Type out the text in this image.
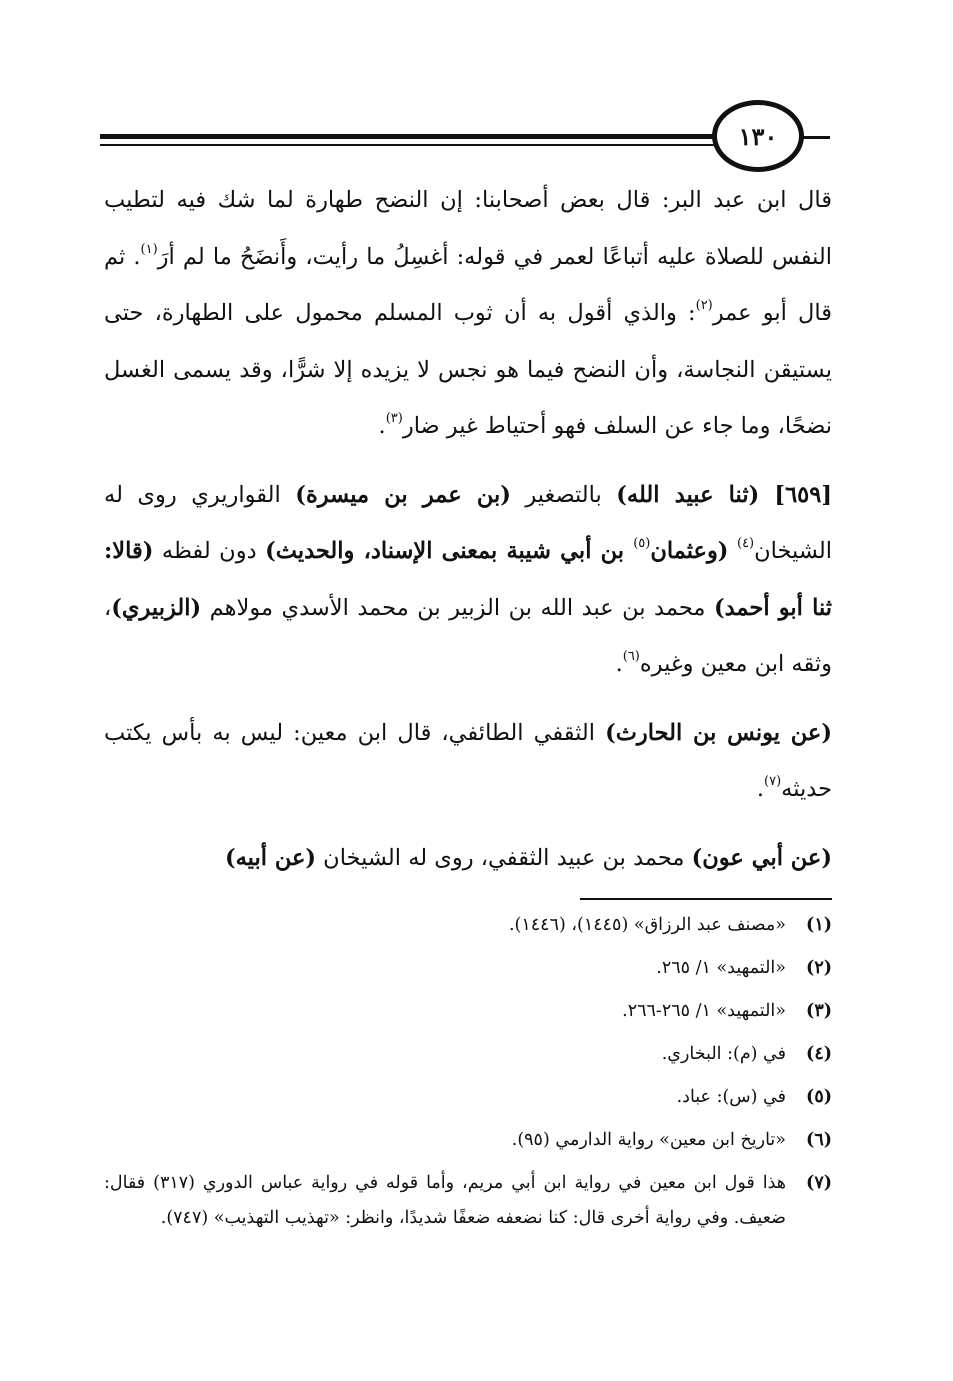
١٣٠

قال ابن عبد البر: قال بعض أصحابنا: إن النضح طهارة لما شك فيه لتطيب النفس للصلاة عليه أتباعًا لعمر في قوله: أغسِلُ ما رأيت، وأَنضَحُ ما لم أرَ$^{(١)}$. ثم قال أبو عمر$^{(٢)}$: والذي أقول به أن ثوب المسلم محمول على الطهارة، حتى يستيقن النجاسة، وأن النضح فيما هو نجس لا يزيده إلا شرًّا، وقد يسمى الغسل نضحًا، وما جاء عن السلف فهو أحتياط غير ضار$^{(٣)}$.

[٦٥٩] (ثنا عبيد الله) بالتصغير (بن عمر بن ميسرة) القواريري روى له الشيخان$^{(٤)}$ (وعثمان$^{(٥)}$ بن أبي شيبة بمعنى الإسناد، والحديث) دون لفظه (قالا: ثنا أبو أحمد) محمد بن عبد الله بن الزبير بن محمد الأسدي مولاهم (الزبيري)، وثقه ابن معين وغيره$^{(٦)}$.

(عن يونس بن الحارث) الثقفي الطائفي، قال ابن معين: ليس به بأس يكتب حديثه$^{(٧)}$.

(عن أبي عون) محمد بن عبيد الثقفي، روى له الشيخان (عن أبيه)

(١)
«مصنف عبد الرزاق» (١٤٤٥)، (١٤٤٦).
(٢)
«التمهيد» ١/ ٢٦٥.
(٣)
«التمهيد» ١/ ٢٦٥-٢٦٦.
(٤)
في (م): البخاري.
(٥)
في (س): عباد.
(٦)
«تاريخ ابن معين» رواية الدارمي (٩٥).
(٧)
هذا قول ابن معين في رواية ابن أبي مريم، وأما قوله في رواية عباس الدوري (٣١٧) فقال: ضعيف. وفي رواية أخرى قال: كنا نضعفه ضعفًا شديدًا، وانظر: «تهذيب التهذيب» (٧٤٧).
